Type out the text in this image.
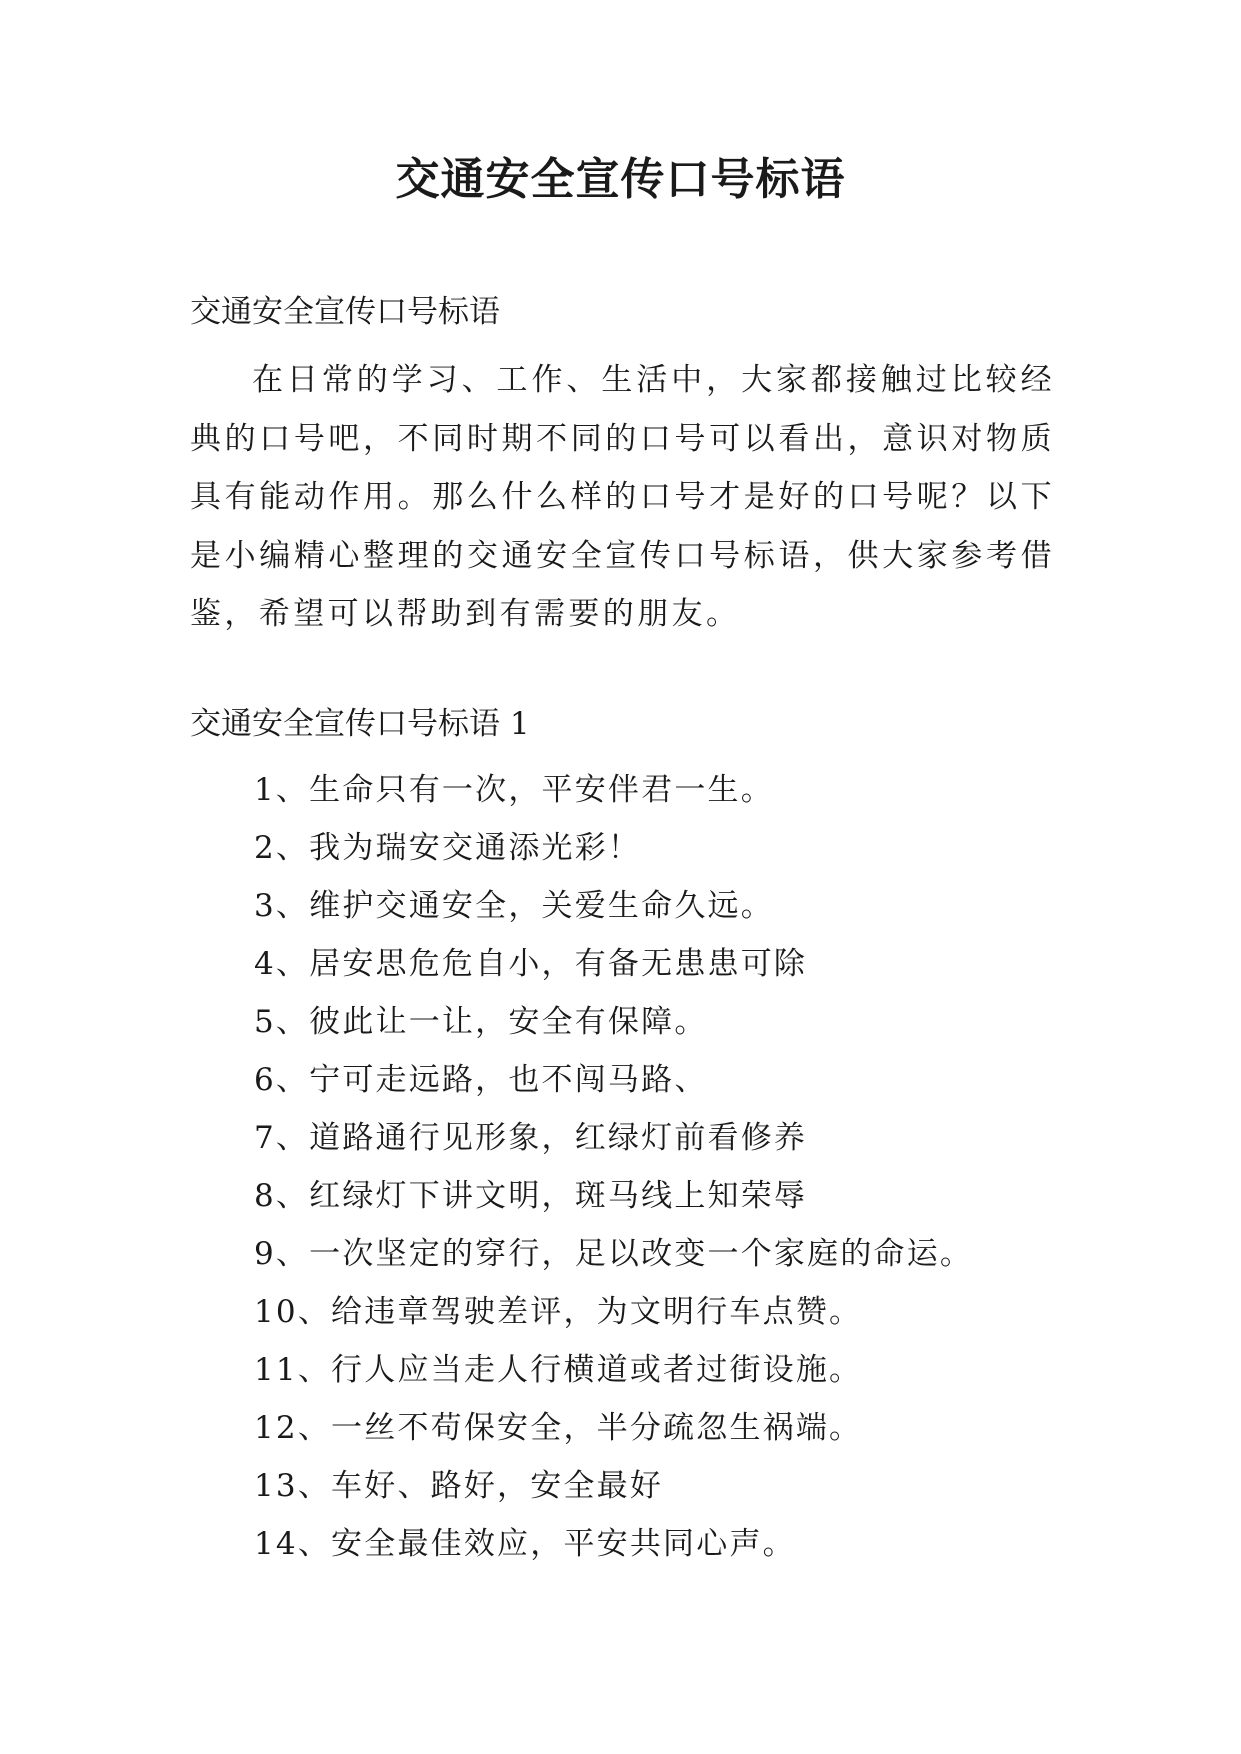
交通安全宣传口号标语

交通安全宣传口号标语

在日常的学习、工作、生活中，大家都接触过比较经典的口号吧，不同时期不同的口号可以看出，意识对物质具有能动作用。那么什么样的口号才是好的口号呢？以下是小编精心整理的交通安全宣传口号标语，供大家参考借鉴，希望可以帮助到有需要的朋友。

交通安全宣传口号标语 1

1、生命只有一次，平安伴君一生。
2、我为瑞安交通添光彩！
3、维护交通安全，关爱生命久远。
4、居安思危危自小，有备无患患可除
5、彼此让一让，安全有保障。
6、宁可走远路，也不闯马路、
7、道路通行见形象，红绿灯前看修养
8、红绿灯下讲文明，斑马线上知荣辱
9、一次坚定的穿行，足以改变一个家庭的命运。
10、给违章驾驶差评，为文明行车点赞。
11、行人应当走人行横道或者过街设施。
12、一丝不苟保安全，半分疏忽生祸端。
13、车好、路好，安全最好
14、安全最佳效应，平安共同心声。
